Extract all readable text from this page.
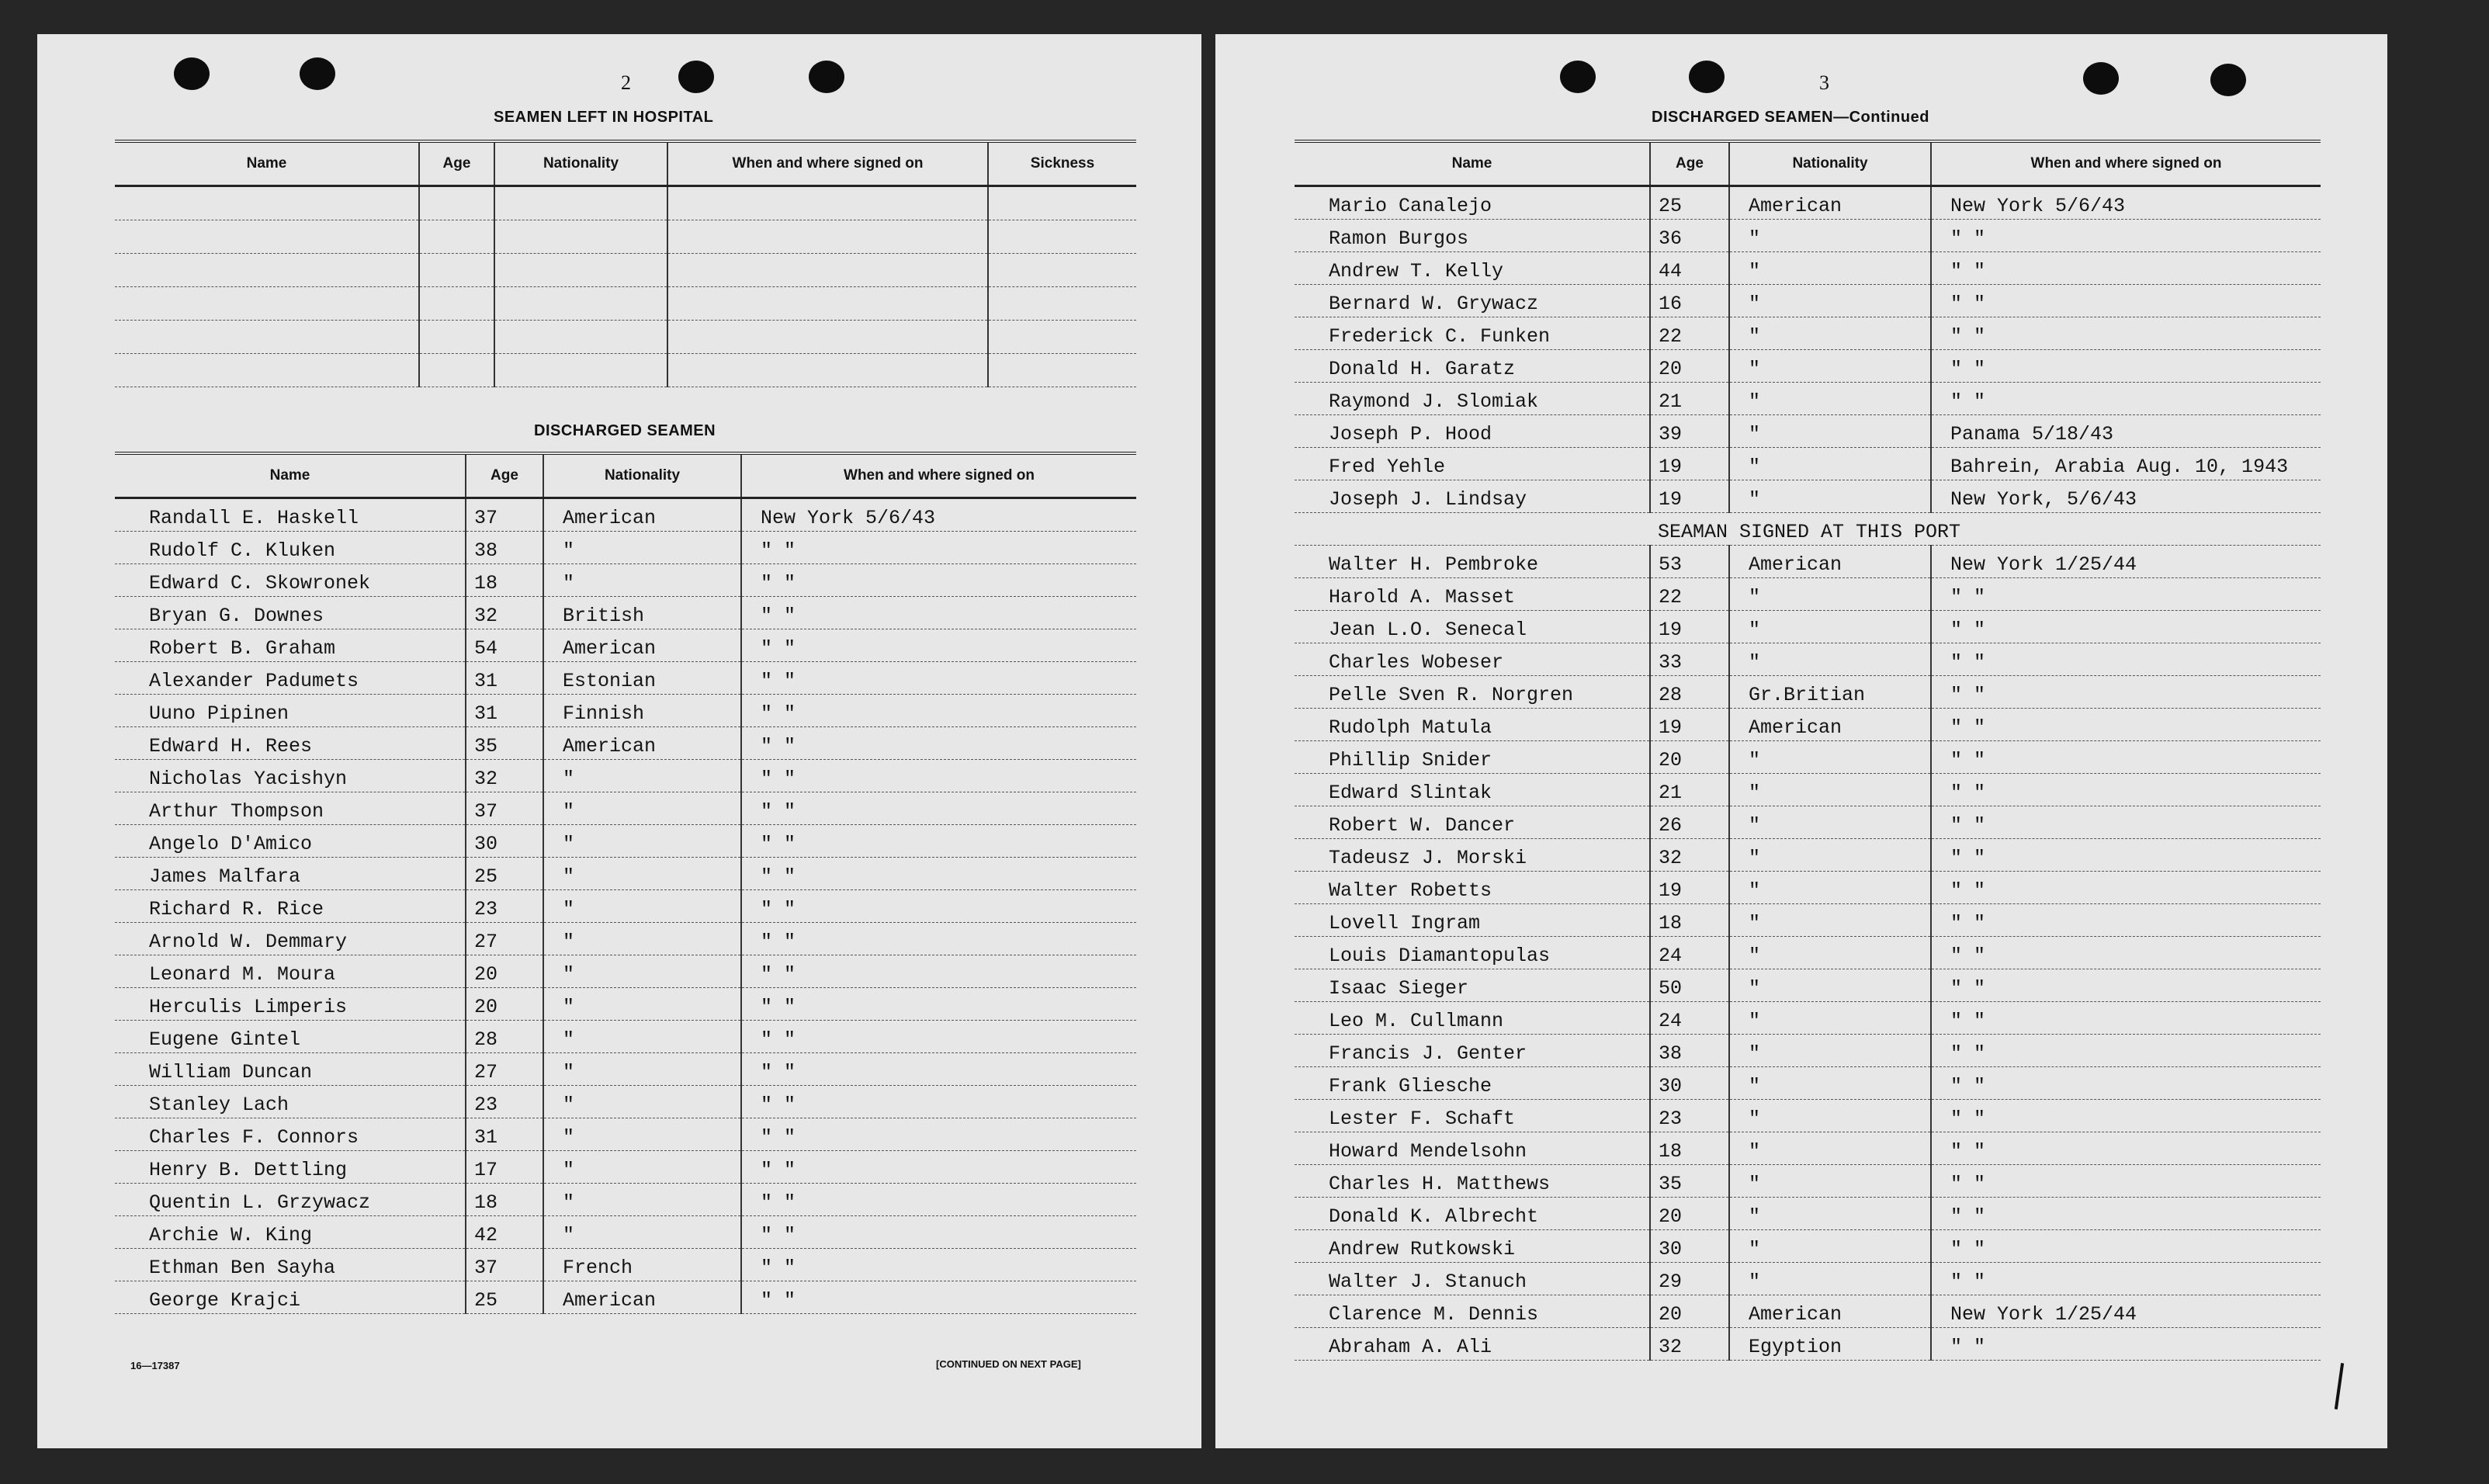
2
SEAMEN LEFT IN HOSPITAL
Name	Age	Nationality	When and where signed on	Sickness

DISCHARGED SEAMEN
Name	Age	Nationality	When and where signed on
Randall E. Haskell	37	American	New York 5/6/43
Rudolf C. Kluken	38	"	" "
Edward C. Skowronek	18	"	" "
Bryan G. Downes	32	British	" "
Robert B. Graham	54	American	" "
Alexander Padumets	31	Estonian	" "
Uuno Pipinen	31	Finnish	" "
Edward H. Rees	35	American	" "
Nicholas Yacishyn	32	"	" "
Arthur Thompson	37	"	" "
Angelo D'Amico	30	"	" "
James Malfara	25	"	" "
Richard R. Rice	23	"	" "
Arnold W. Demmary	27	"	" "
Leonard M. Moura	20	"	" "
Herculis Limperis	20	"	" "
Eugene Gintel	28	"	" "
William Duncan	27	"	" "
Stanley Lach	23	"	" "
Charles F. Connors	31	"	" "
Henry B. Dettling	17	"	" "
Quentin L. Grzywacz	18	"	" "
Archie W. King	42	"	" "
Ethman Ben Sayha	37	French	" "
George Krajci	25	American	" "
16—17387	[CONTINUED ON NEXT PAGE]
3
DISCHARGED SEAMEN—Continued
Name	Age	Nationality	When and where signed on
Mario Canalejo	25	American	New York 5/6/43
Ramon Burgos	36	"	" "
Andrew T. Kelly	44	"	" "
Bernard W. Grywacz	16	"	" "
Frederick C. Funken	22	"	" "
Donald H. Garatz	20	"	" "
Raymond J. Slomiak	21	"	" "
Joseph P. Hood	39	"	Panama 5/18/43
Fred Yehle	19	"	Bahrein, Arabia Aug. 10, 1943
Joseph J. Lindsay	19	"	New York, 5/6/43
	SEAMAN SIGNED AT THIS PORT		
Walter H. Pembroke	53	American	New York 1/25/44
Harold A. Masset	22	"	" "
Jean L.O. Senecal	19	"	" "
Charles Wobeser	33	"	" "
Pelle Sven R. Norgren	28	Gr.Britian	" "
Rudolph Matula	19	American	" "
Phillip Snider	20	"	" "
Edward Slintak	21	"	" "
Robert W. Dancer	26	"	" "
Tadeusz J. Morski	32	"	" "
Walter Robetts	19	"	" "
Lovell Ingram	18	"	" "
Louis Diamantopulas	24	"	" "
Isaac Sieger	50	"	" "
Leo M. Cullmann	24	"	" "
Francis J. Genter	38	"	" "
Frank Gliesche	30	"	" "
Lester F. Schaft	23	"	" "
Howard Mendelsohn	18	"	" "
Charles H. Matthews	35	"	" "
Donald K. Albrecht	20	"	" "
Andrew Rutkowski	30	"	" "
Walter J. Stanuch	29	"	" "
Clarence M. Dennis	20	American	New York 1/25/44
Abraham A. Ali	32	Egyption	" "
